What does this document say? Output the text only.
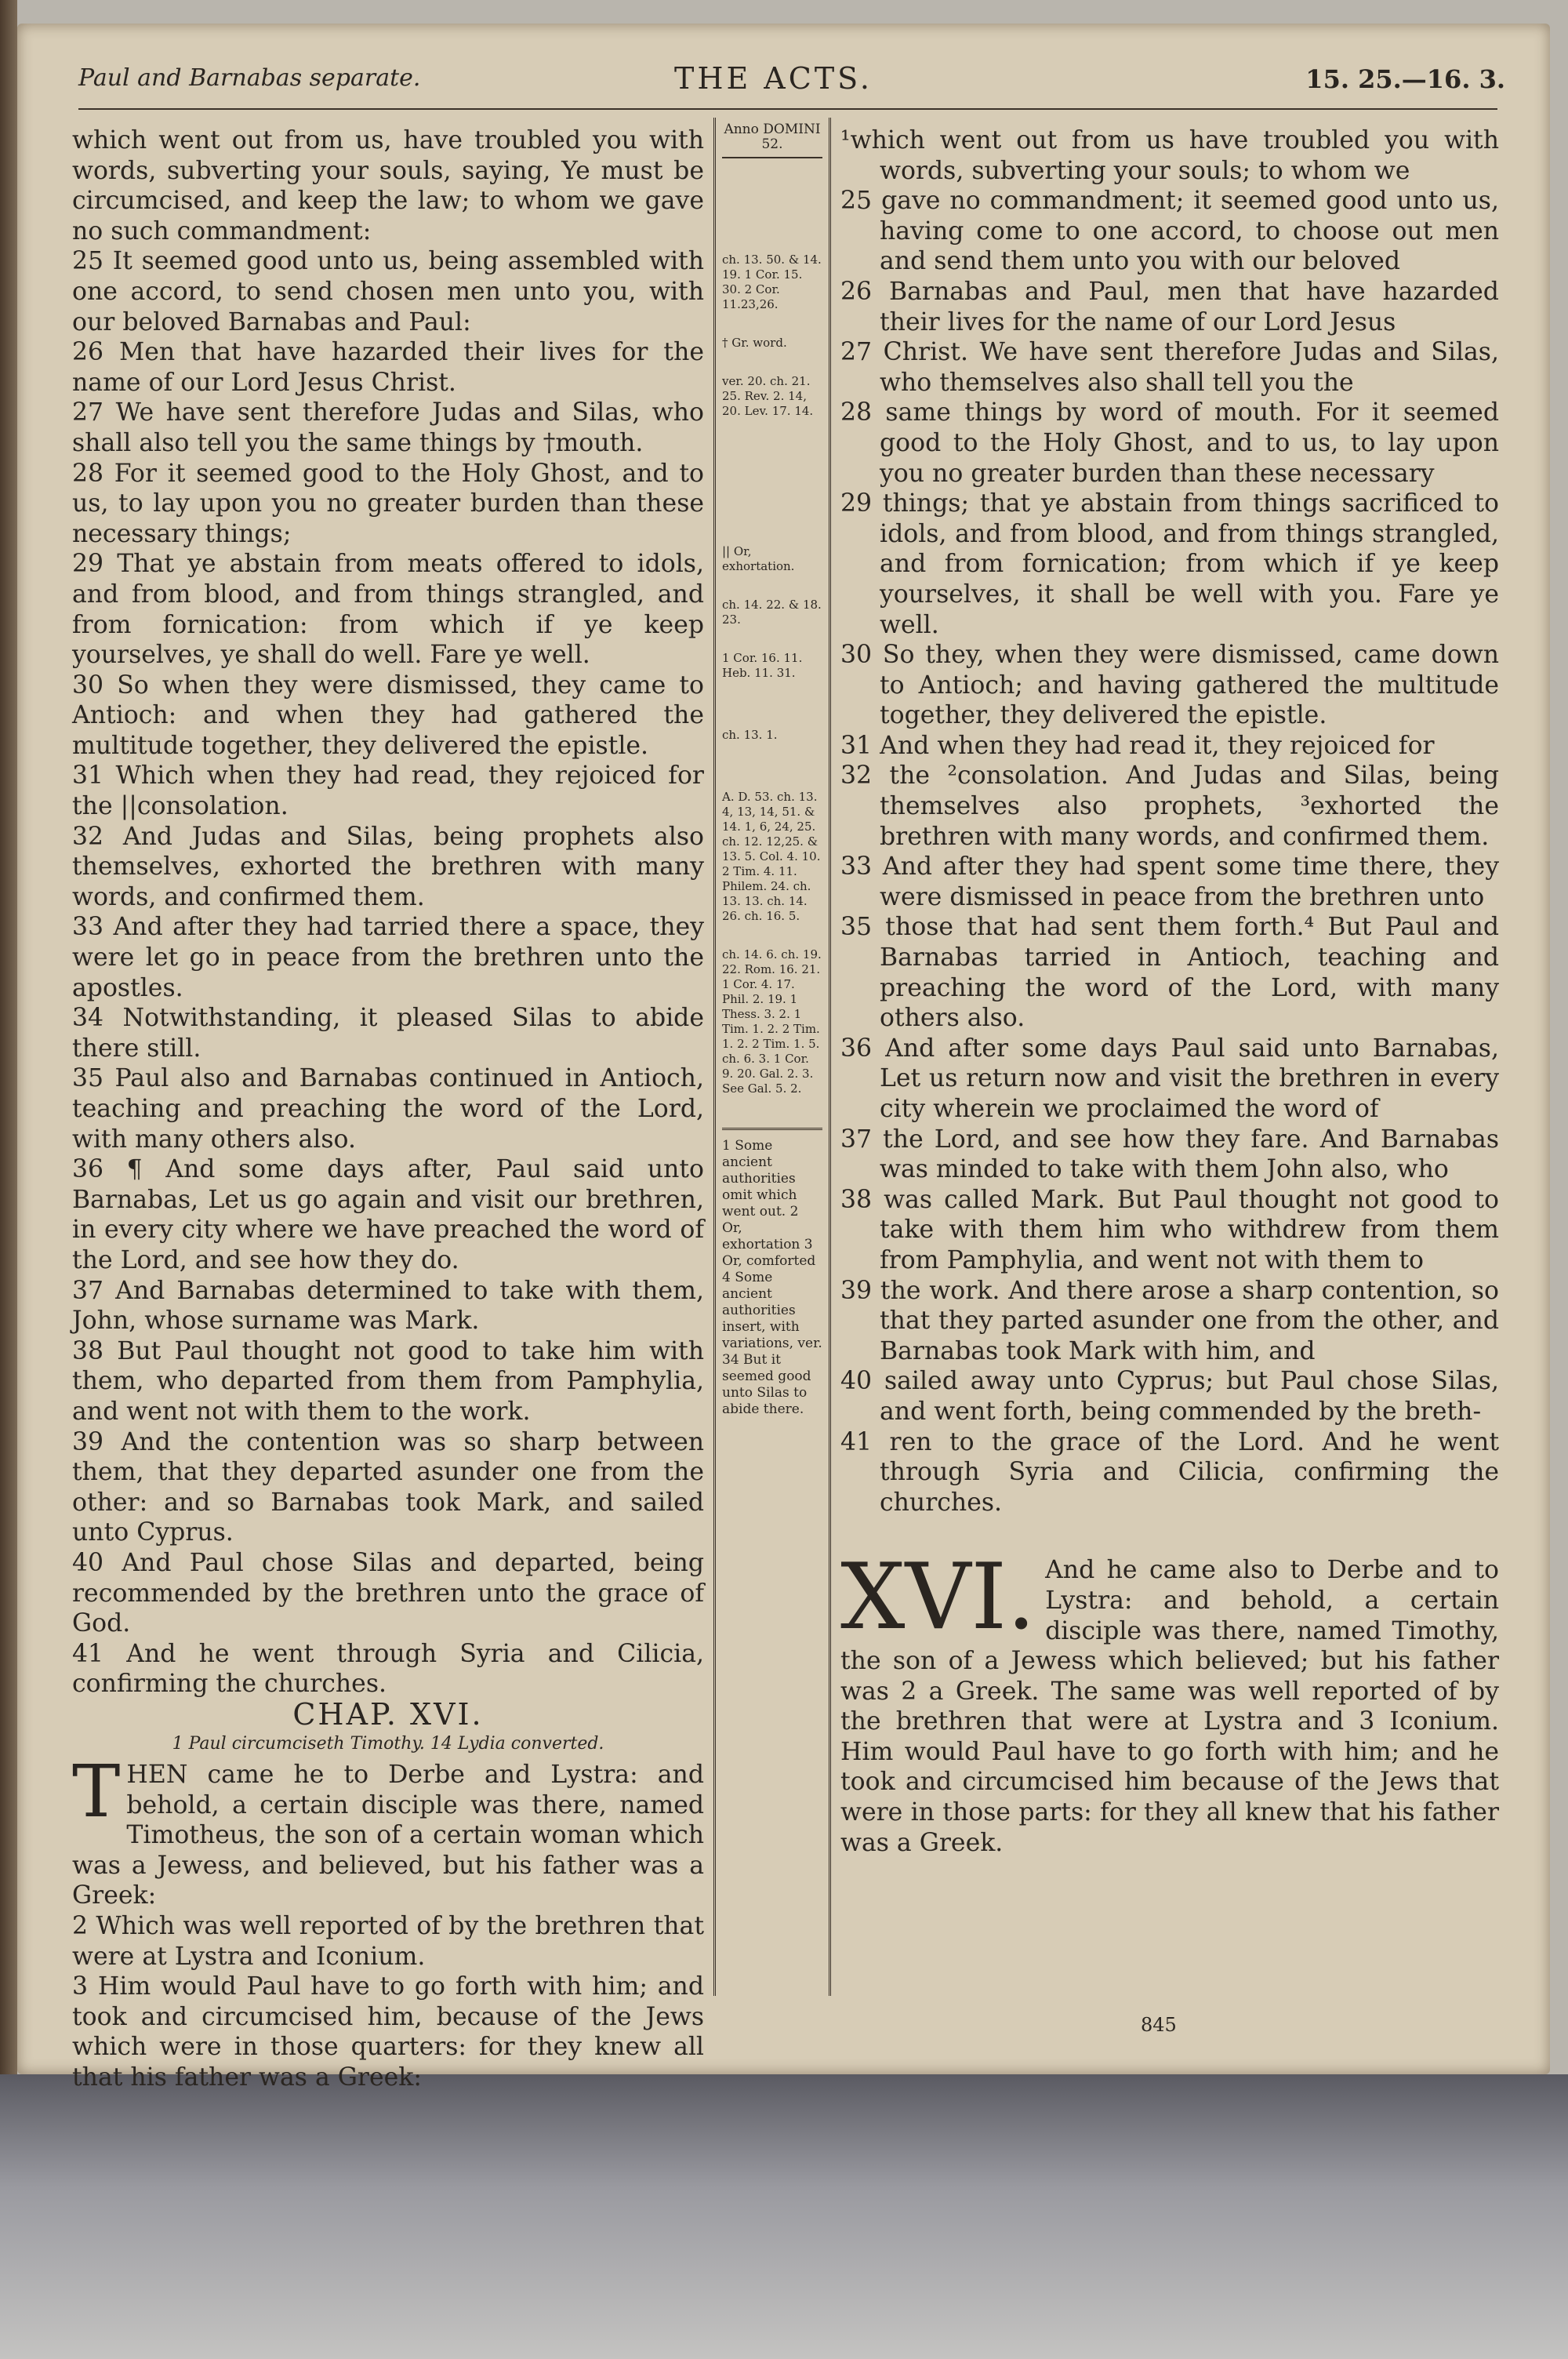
Paul and Barnabas separate.	THE ACTS.	15. 25.—16. 3.

which went out from us, have troubled you with words, subverting your souls, saying, Ye must be circumcised, and keep the law; to whom we gave no such commandment:

25 It seemed good unto us, being assembled with one accord, to send chosen men unto you, with our beloved Barnabas and Paul:

26 Men that have hazarded their lives for the name of our Lord Jesus Christ.

27 We have sent therefore Judas and Silas, who shall also tell you the same things by †mouth.

28 For it seemed good to the Holy Ghost, and to us, to lay upon you no greater burden than these necessary things;

29 That ye abstain from meats offered to idols, and from blood, and from things strangled, and from fornication: from which if ye keep yourselves, ye shall do well. Fare ye well.

30 So when they were dismissed, they came to Antioch: and when they had gathered the multitude together, they delivered the epistle.

31 Which when they had read, they rejoiced for the ||consolation.

32 And Judas and Silas, being prophets also themselves, exhorted the brethren with many words, and confirmed them.

33 And after they had tarried there a space, they were let go in peace from the brethren unto the apostles.

34 Notwithstanding, it pleased Silas to abide there still.

35 Paul also and Barnabas continued in Antioch, teaching and preaching the word of the Lord, with many others also.

36 ¶ And some days after, Paul said unto Barnabas, Let us go again and visit our brethren, in every city where we have preached the word of the Lord, and see how they do.

37 And Barnabas determined to take with them, John, whose surname was Mark.

38 But Paul thought not good to take him with them, who departed from them from Pamphylia, and went not with them to the work.

39 And the contention was so sharp between them, that they departed asunder one from the other: and so Barnabas took Mark, and sailed unto Cyprus.

40 And Paul chose Silas and departed, being recommended by the brethren unto the grace of God.

41 And he went through Syria and Cilicia, confirming the churches.

CHAP. XVI.

1 Paul circumciseth Timothy. 14 Lydia converted.

THEN came he to Derbe and Lystra: and behold, a certain disciple was there, named Timotheus, the son of a certain woman which was a Jewess, and believed, but his father was a Greek:

2 Which was well reported of by the brethren that were at Lystra and Iconium.

3 Him would Paul have to go forth with him; and took and circumcised him, because of the Jews which were in those quarters: for they knew all that his father was a Greek:

Anno DOMINI 52.

ch. 13. 50. & 14. 19. 1 Cor. 15. 30. 2 Cor. 11.23,26.

† Gr. word.

ver. 20. ch. 21. 25. Rev. 2. 14, 20. Lev. 17. 14.

|| Or, exhortation.

ch. 14. 22. & 18. 23.

1 Cor. 16. 11. Heb. 11. 31.

ch. 13. 1.

A. D. 53. ch. 13. 4, 13, 14, 51. & 14. 1, 6, 24, 25. ch. 12. 12,25. & 13. 5. Col. 4. 10. 2 Tim. 4. 11. Philem. 24. ch. 13. 13. ch. 14. 26. ch. 16. 5.

ch. 14. 6. ch. 19. 22. Rom. 16. 21. 1 Cor. 4. 17. Phil. 2. 19. 1 Thess. 3. 2. 1 Tim. 1. 2. 2 Tim. 1. 2. 2 Tim. 1. 5. ch. 6. 3. 1 Cor. 9. 20. Gal. 2. 3. See Gal. 5. 2.

1 Some ancient authorities omit which went out. 2 Or, exhortation 3 Or, comforted 4 Some ancient authorities insert, with variations, ver. 34 But it seemed good unto Silas to abide there.

¹which went out from us have troubled you with words, subverting your souls; to whom we

25 gave no commandment; it seemed good unto us, having come to one accord, to choose out men and send them unto you with our beloved

26 Barnabas and Paul, men that have hazarded their lives for the name of our Lord Jesus

27 Christ. We have sent therefore Judas and Silas, who themselves also shall tell you the

28 same things by word of mouth. For it seemed good to the Holy Ghost, and to us, to lay upon you no greater burden than these necessary

29 things; that ye abstain from things sacrificed to idols, and from blood, and from things strangled, and from fornication; from which if ye keep yourselves, it shall be well with you. Fare ye well.

30 So they, when they were dismissed, came down to Antioch; and having gathered the multitude together, they delivered the epistle.

31 And when they had read it, they rejoiced for

32 the ²consolation. And Judas and Silas, being themselves also prophets, ³exhorted the brethren with many words, and confirmed them.

33 And after they had spent some time there, they were dismissed in peace from the brethren unto

35 those that had sent them forth.⁴ But Paul and Barnabas tarried in Antioch, teaching and preaching the word of the Lord, with many others also.

36 And after some days Paul said unto Barnabas, Let us return now and visit the brethren in every city wherein we proclaimed the word of

37 the Lord, and see how they fare. And Barnabas was minded to take with them John also, who

38 was called Mark. But Paul thought not good to take with them him who withdrew from them from Pamphylia, and went not with them to

39 the work. And there arose a sharp contention, so that they parted asunder one from the other, and Barnabas took Mark with him, and

40 sailed away unto Cyprus; but Paul chose Silas, and went forth, being commended by the breth-

41 ren to the grace of the Lord. And he went through Syria and Cilicia, confirming the churches.

XVI. And he came also to Derbe and to Lystra: and behold, a certain disciple was there, named Timothy, the son of a Jewess which believed; but his father was 2 a Greek. The same was well reported of by the brethren that were at Lystra and 3 Iconium. Him would Paul have to go forth with him; and he took and circumcised him because of the Jews that were in those parts: for they all knew that his father was a Greek.

845
